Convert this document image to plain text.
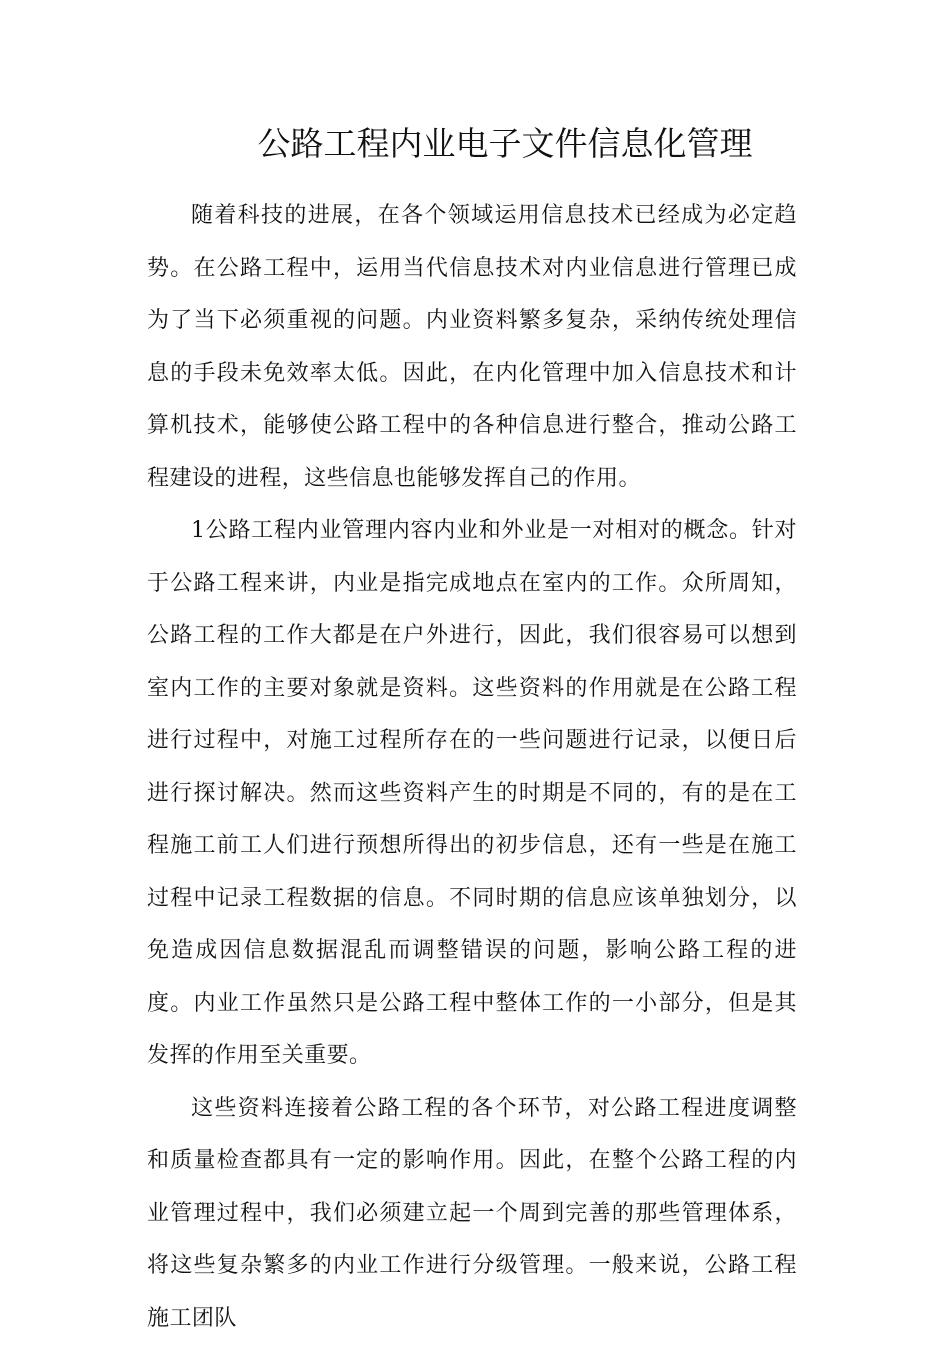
公路工程内业电子文件信息化管理

随着科技的进展，在各个领域运用信息技术已经成为必定趋势。在公路工程中，运用当代信息技术对内业信息进行管理已成为了当下必须重视的问题。内业资料繁多复杂，采纳传统处理信息的手段未免效率太低。因此，在内化管理中加入信息技术和计算机技术，能够使公路工程中的各种信息进行整合，推动公路工程建设的进程，这些信息也能够发挥自己的作用。

1公路工程内业管理内容内业和外业是一对相对的概念。针对于公路工程来讲，内业是指完成地点在室内的工作。众所周知，公路工程的工作大都是在户外进行，因此，我们很容易可以想到室内工作的主要对象就是资料。这些资料的作用就是在公路工程进行过程中，对施工过程所存在的一些问题进行记录，以便日后进行探讨解决。然而这些资料产生的时期是不同的，有的是在工程施工前工人们进行预想所得出的初步信息，还有一些是在施工过程中记录工程数据的信息。不同时期的信息应该单独划分，以免造成因信息数据混乱而调整错误的问题，影响公路工程的进度。内业工作虽然只是公路工程中整体工作的一小部分，但是其发挥的作用至关重要。

这些资料连接着公路工程的各个环节，对公路工程进度调整和质量检查都具有一定的影响作用。因此，在整个公路工程的内业管理过程中，我们必须建立起一个周到完善的那些管理体系，将这些复杂繁多的内业工作进行分级管理。一般来说，公路工程施工团队
